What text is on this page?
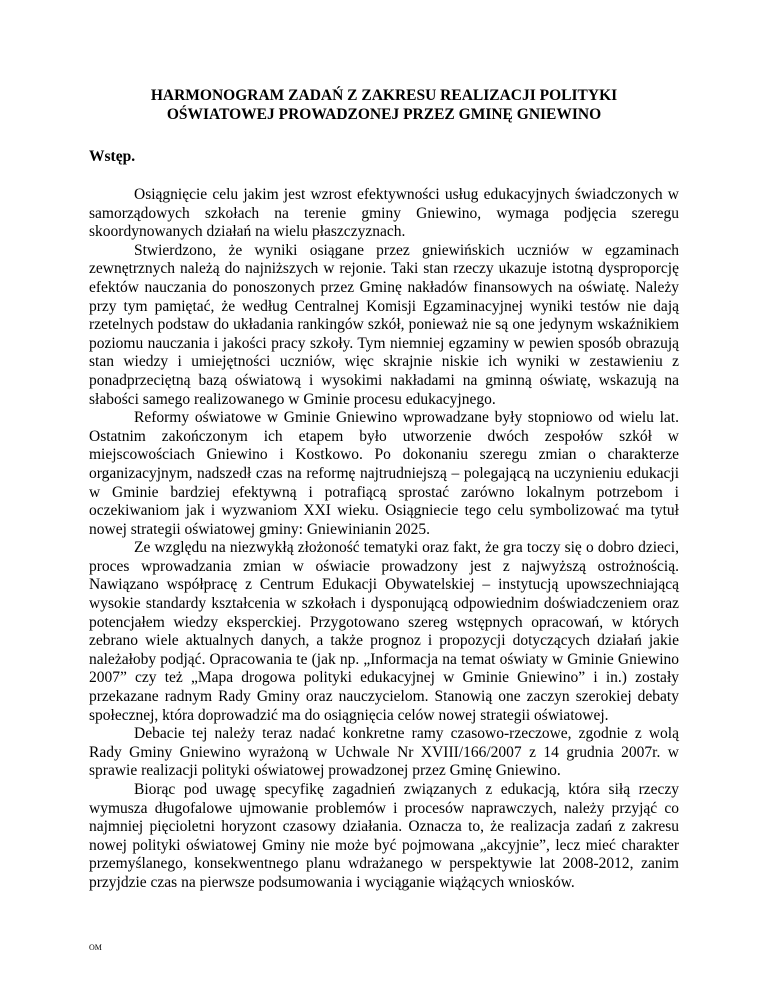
HARMONOGRAM ZADAŃ Z ZAKRESU REALIZACJI POLITYKI
OŚWIATOWEJ PROWADZONEJ PRZEZ GMINĘ GNIEWINO
Wstęp.

Osiągnięcie celu jakim jest wzrost efektywności usług edukacyjnych świadczonych w samorządowych szkołach na terenie gminy Gniewino, wymaga podjęcia szeregu skoordynowanych działań na wielu płaszczyznach.

Stwierdzono, że wyniki osiągane przez gniewińskich uczniów w egzaminach zewnętrznych należą do najniższych w rejonie. Taki stan rzeczy ukazuje istotną dysproporcję efektów nauczania do ponoszonych przez Gminę nakładów finansowych na oświatę. Należy przy tym pamiętać, że według Centralnej Komisji Egzaminacyjnej wyniki testów nie dają rzetelnych podstaw do układania rankingów szkół, ponieważ nie są one jedynym wskaźnikiem poziomu nauczania i jakości pracy szkoły. Tym niemniej egzaminy w pewien sposób obrazują stan wiedzy i umiejętności uczniów, więc skrajnie niskie ich wyniki w zestawieniu z ponadprzeciętną bazą oświatową i wysokimi nakładami na gminną oświatę, wskazują na słabości samego realizowanego w Gminie procesu edukacyjnego.

Reformy oświatowe w Gminie Gniewino wprowadzane były stopniowo od wielu lat. Ostatnim zakończonym ich etapem było utworzenie dwóch zespołów szkół w miejscowościach Gniewino i Kostkowo. Po dokonaniu szeregu zmian o charakterze organizacyjnym, nadszedł czas na reformę najtrudniejszą – polegającą na uczynieniu edukacji w Gminie bardziej efektywną i potrafiącą sprostać zarówno lokalnym potrzebom i oczekiwaniom jak i wyzwaniom XXI wieku. Osiągniecie tego celu symbolizować ma tytuł nowej strategii oświatowej gminy: Gniewinianin 2025.

Ze względu na niezwykłą złożoność tematyki oraz fakt, że gra toczy się o dobro dzieci, proces wprowadzania zmian w oświacie prowadzony jest z najwyższą ostrożnością. Nawiązano współpracę z Centrum Edukacji Obywatelskiej – instytucją upowszechniającą wysokie standardy kształcenia w szkołach i dysponującą odpowiednim doświadczeniem oraz potencjałem wiedzy eksperckiej. Przygotowano szereg wstępnych opracowań, w których zebrano wiele aktualnych danych, a także prognoz i propozycji dotyczących działań jakie należałoby podjąć. Opracowania te (jak np. „Informacja na temat oświaty w Gminie Gniewino 2007” czy też „Mapa drogowa polityki edukacyjnej w Gminie Gniewino” i in.) zostały przekazane radnym Rady Gminy oraz nauczycielom. Stanowią one zaczyn szerokiej debaty społecznej, która doprowadzić ma do osiągnięcia celów nowej strategii oświatowej.

Debacie tej należy teraz nadać konkretne ramy czasowo-rzeczowe, zgodnie z wolą Rady Gminy Gniewino wyrażoną w Uchwale Nr XVIII/166/2007 z 14 grudnia 2007r. w sprawie realizacji polityki oświatowej prowadzonej przez Gminę Gniewino.

Biorąc pod uwagę specyfikę zagadnień związanych z edukacją, która siłą rzeczy wymusza długofalowe ujmowanie problemów i procesów naprawczych, należy przyjąć co najmniej pięcioletni horyzont czasowy działania. Oznacza to, że realizacja zadań z zakresu nowej polityki oświatowej Gminy nie może być pojmowana „akcyjnie”, lecz mieć charakter przemyślanego, konsekwentnego planu wdrażanego w perspektywie lat 2008-2012, zanim przyjdzie czas na pierwsze podsumowania i wyciąganie wiążących wniosków.

OM
